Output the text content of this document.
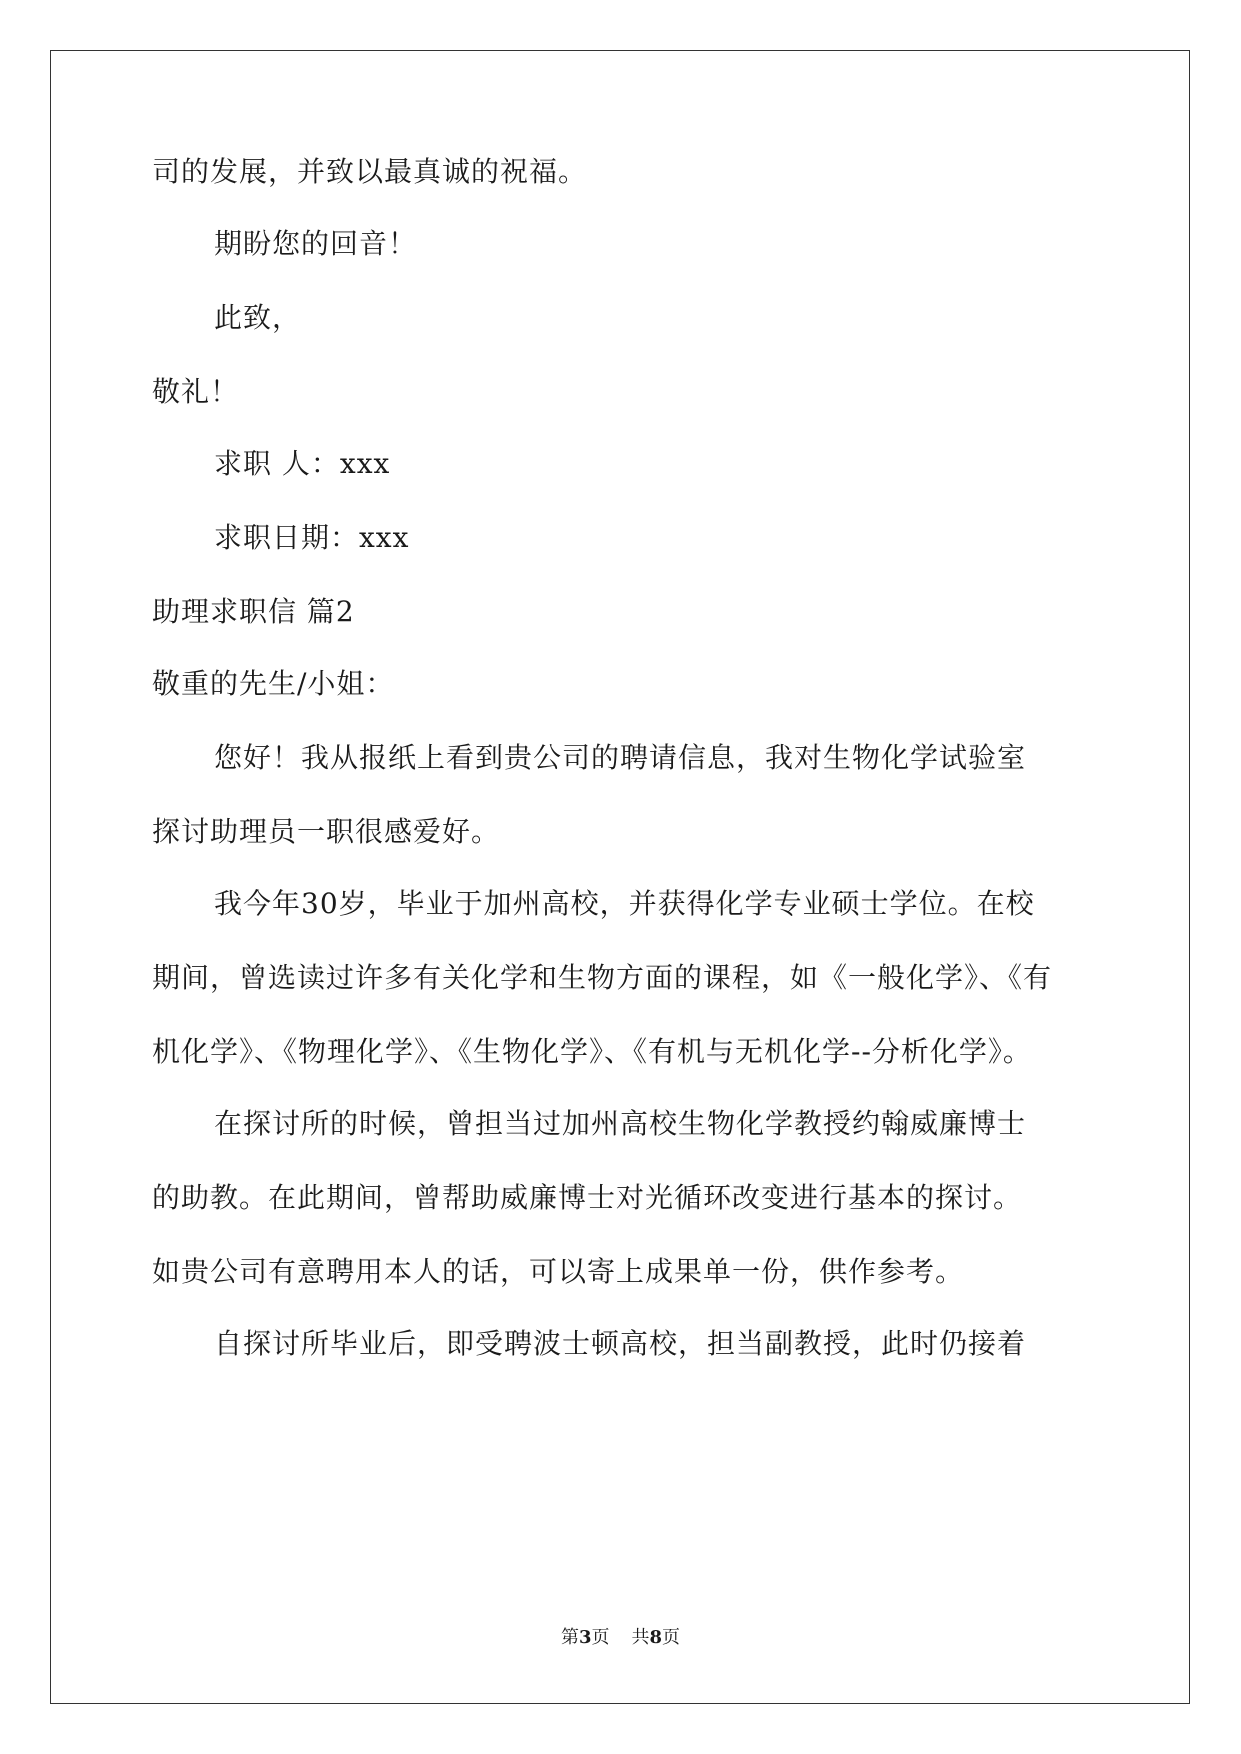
司的发展，并致以最真诚的祝福。
期盼您的回音！
此致，
敬礼！
求职 人：xxx
求职日期：xxx
助理求职信 篇2
敬重的先生/小姐：
您好！我从报纸上看到贵公司的聘请信息，我对生物化学试验室
探讨助理员一职很感爱好。
我今年30岁，毕业于加州高校，并获得化学专业硕士学位。在校
期间，曾选读过许多有关化学和生物方面的课程，如《一般化学》、《有
机化学》、《物理化学》、《生物化学》、《有机与无机化学--分析化学》。
在探讨所的时候，曾担当过加州高校生物化学教授约翰威廉博士
的助教。在此期间，曾帮助威廉博士对光循环改变进行基本的探讨。
如贵公司有意聘用本人的话，可以寄上成果单一份，供作参考。
自探讨所毕业后，即受聘波士顿高校，担当副教授，此时仍接着
第3页 共8页
